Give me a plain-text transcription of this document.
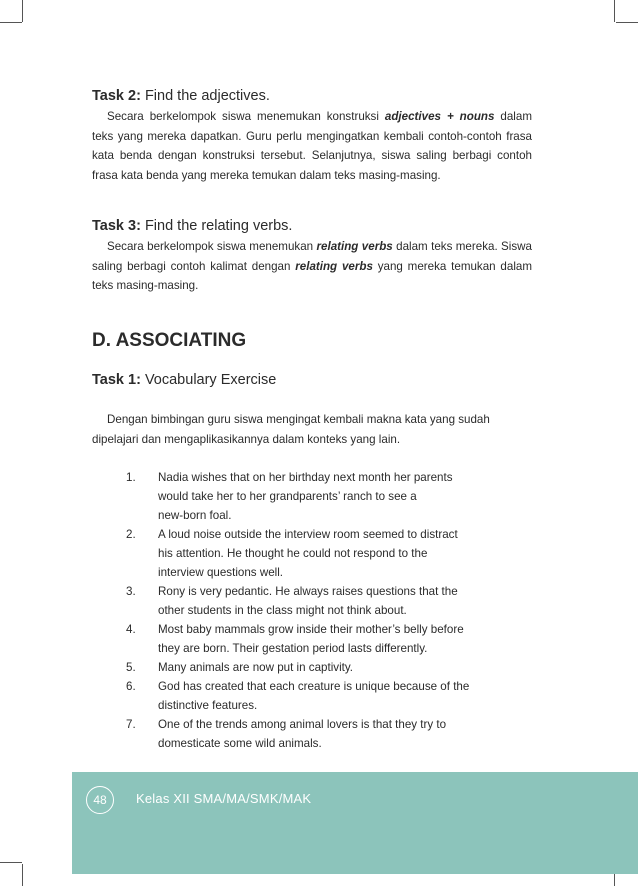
Task 2: Find the adjectives.

Secara berkelompok siswa menemukan konstruksi adjectives + nouns dalam teks yang mereka dapatkan. Guru perlu mengingatkan kembali contoh-contoh frasa kata benda dengan konstruksi tersebut. Selanjutnya, siswa saling berbagi contoh frasa kata benda yang mereka temukan dalam teks masing-masing.

Task 3: Find the relating verbs.

Secara berkelompok siswa menemukan relating verbs dalam teks mereka. Siswa saling berbagi contoh kalimat dengan relating verbs yang mereka temukan dalam teks masing-masing.

D. ASSOCIATING

Task 1: Vocabulary Exercise

Dengan bimbingan guru siswa mengingat kembali makna kata yang sudah dipelajari dan mengaplikasikannya dalam konteks yang lain.

1.	Nadia wishes that on her birthday next month her parents
would take her to her grandparents’ ranch to see a
new-born foal.
2.	A loud noise outside the interview room seemed to distract
his attention. He thought he could not respond to the
interview questions well.
3.	Rony is very pedantic. He always raises questions that the
other students in the class might not think about.
4.	Most baby mammals grow inside their mother’s belly before
they are born. Their gestation period lasts differently.
5.	Many animals are now put in captivity.
6.	God has created that each creature is unique because of the
distinctive features.
7.	One of the trends among animal lovers is that they try to
domesticate some wild animals.
48	Kelas XII SMA/MA/SMK/MAK
